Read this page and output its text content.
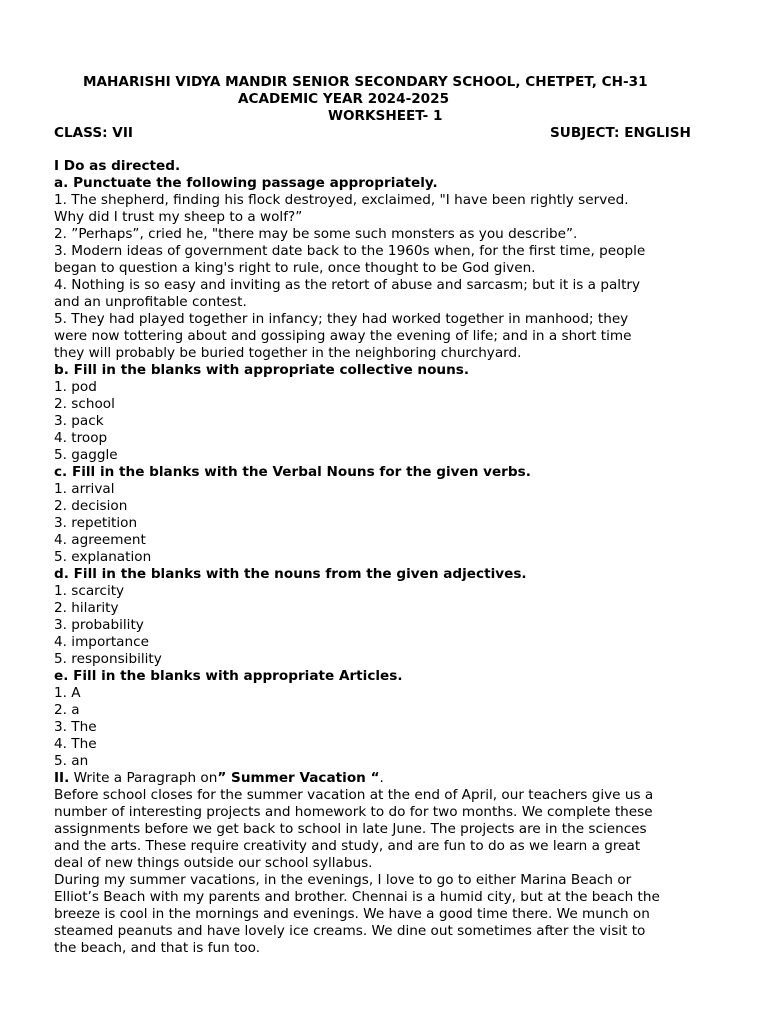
MAHARISHI VIDYA MANDIR SENIOR SECONDARY SCHOOL, CHETPET, CH-31
ACADEMIC YEAR 2024-2025
WORKSHEET- 1
CLASS: VII	SUBJECT: ENGLISH
I Do as directed.
a. Punctuate the following passage appropriately.
1. The shepherd, finding his flock destroyed, exclaimed, "I have been rightly served.
Why did I trust my sheep to a wolf?”
2. ”Perhaps”, cried he, "there may be some such monsters as you describe”.
3. Modern ideas of government date back to the 1960s when, for the first time, people
began to question a king's right to rule, once thought to be God given.
4. Nothing is so easy and inviting as the retort of abuse and sarcasm; but it is a paltry
and an unprofitable contest.
5. They had played together in infancy; they had worked together in manhood; they
were now tottering about and gossiping away the evening of life; and in a short time
they will probably be buried together in the neighboring churchyard.
b. Fill in the blanks with appropriate collective nouns.
1. pod
2. school
3. pack
4. troop
5. gaggle
c. Fill in the blanks with the Verbal Nouns for the given verbs.
1. arrival
2. decision
3. repetition
4. agreement
5. explanation
d. Fill in the blanks with the nouns from the given adjectives.
1. scarcity
2. hilarity
3. probability
4. importance
5. responsibility
e. Fill in the blanks with appropriate Articles.
1. A
2. a
3. The
4. The
5. an
II. Write a Paragraph on” Summer Vacation “.
Before school closes for the summer vacation at the end of April, our teachers give us a
number of interesting projects and homework to do for two months. We complete these
assignments before we get back to school in late June. The projects are in the sciences
and the arts. These require creativity and study, and are fun to do as we learn a great
deal of new things outside our school syllabus.
During my summer vacations, in the evenings, I love to go to either Marina Beach or
Elliot’s Beach with my parents and brother. Chennai is a humid city, but at the beach the
breeze is cool in the mornings and evenings. We have a good time there. We munch on
steamed peanuts and have lovely ice creams. We dine out sometimes after the visit to
the beach, and that is fun too.
